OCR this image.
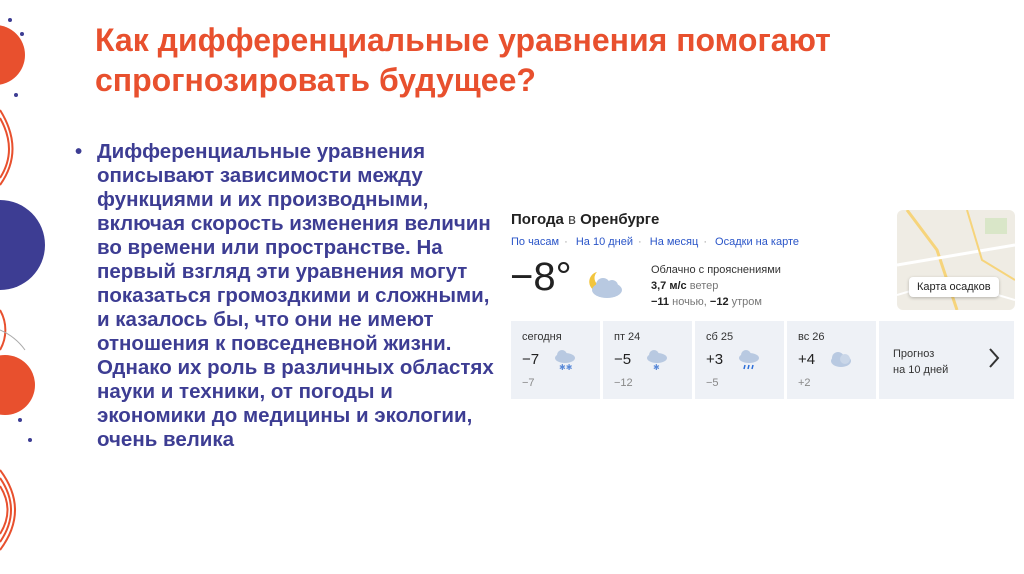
Как дифференциальные уравнения помогают
спрогнозировать будущее?
• Дифференциальные уравнения описывают зависимости между функциями и их производными, включая скорость изменения величин во времени или пространстве. На первый взгляд эти уравнения могут показаться громоздкими и сложными, и казалось бы, что они не имеют отношения к повседневной жизни. Однако их роль в различных областях науки и техники, от погоды и экономики до медицины и экологии, очень велика
Погода в Оренбурге
По часам · На 10 дней · На месяц · Осадки на карте
−8°	Облачно с прояснениями
3,7 м/с ветер
−11 ночью, −12 утром
Карта осадков
сегодня
−7
−7
✱✱
пт 24
−5
−12
✱
сб 25
+3
−5
вс 26
+4
+2
Прогноз
на 10 дней
